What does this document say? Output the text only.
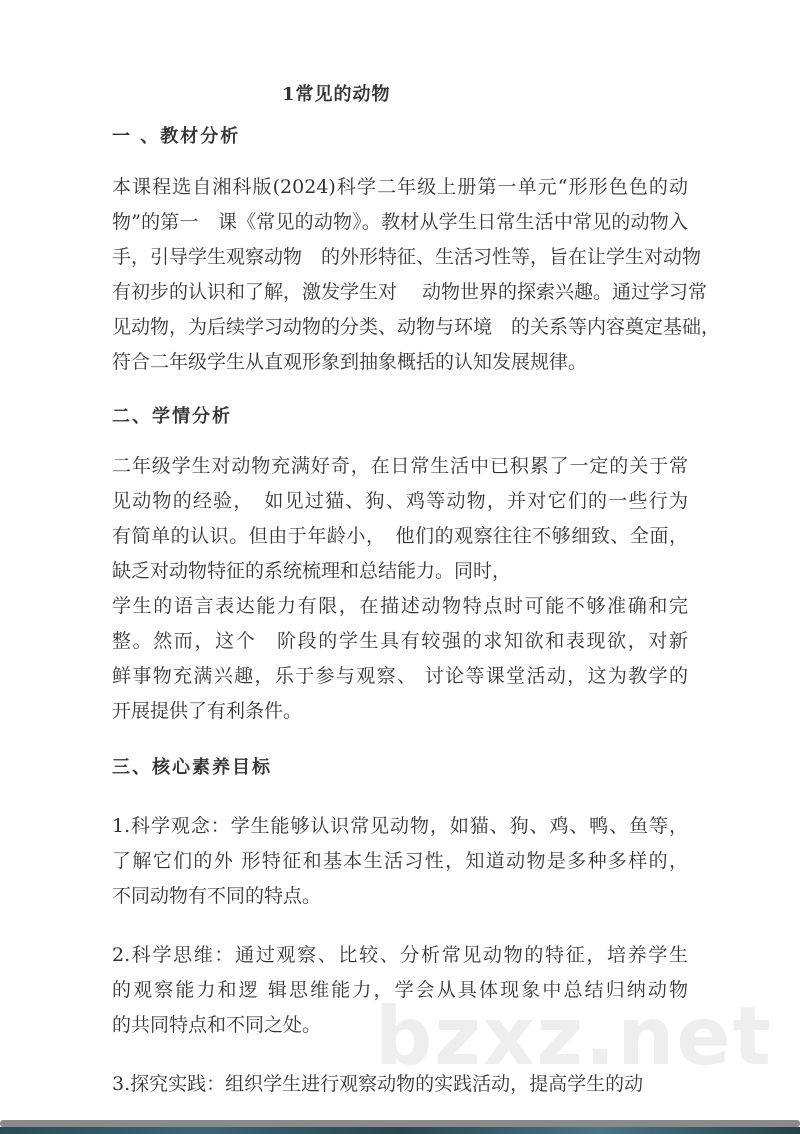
1常见的动物
一 、教材分析
本课程选自湘科版(2024)科学二年级上册第一单元“形形色色的动
物”的第一　课《常见的动物》。教材从学生日常生活中常见的动物入
手，引导学生观察动物　的外形特征、生活习性等，旨在让学生对动物
有初步的认识和了解，激发学生对　 动物世界的探索兴趣。通过学习常
见动物，为后续学习动物的分类、动物与环境　的关系等内容奠定基础，
符合二年级学生从直观形象到抽象概括的认知发展规律。
二、学情分析
二年级学生对动物充满好奇，在日常生活中已积累了一定的关于常
见动物的经验，　如见过猫、狗、鸡等动物，并对它们的一些行为
有简单的认识。但由于年龄小，　他们的观察往往不够细致、全面，
缺乏对动物特征的系统梳理和总结能力。同时，
学生的语言表达能力有限，在描述动物特点时可能不够准确和完
整。然而，这个　阶段的学生具有较强的求知欲和表现欲，对新
鲜事物充满兴趣，乐于参与观察、 讨论等课堂活动，这为教学的
开展提供了有利条件。
三、核心素养目标
1.科学观念：学生能够认识常见动物，如猫、狗、鸡、鸭、鱼等，
了解它们的外 形特征和基本生活习性，知道动物是多种多样的，
不同动物有不同的特点。
2.科学思维：通过观察、比较、分析常见动物的特征，培养学生
的观察能力和逻 辑思维能力，学会从具体现象中总结归纳动物
的共同特点和不同之处。
3.探究实践：组织学生进行观察动物的实践活动，提高学生的动
bzxz.net
